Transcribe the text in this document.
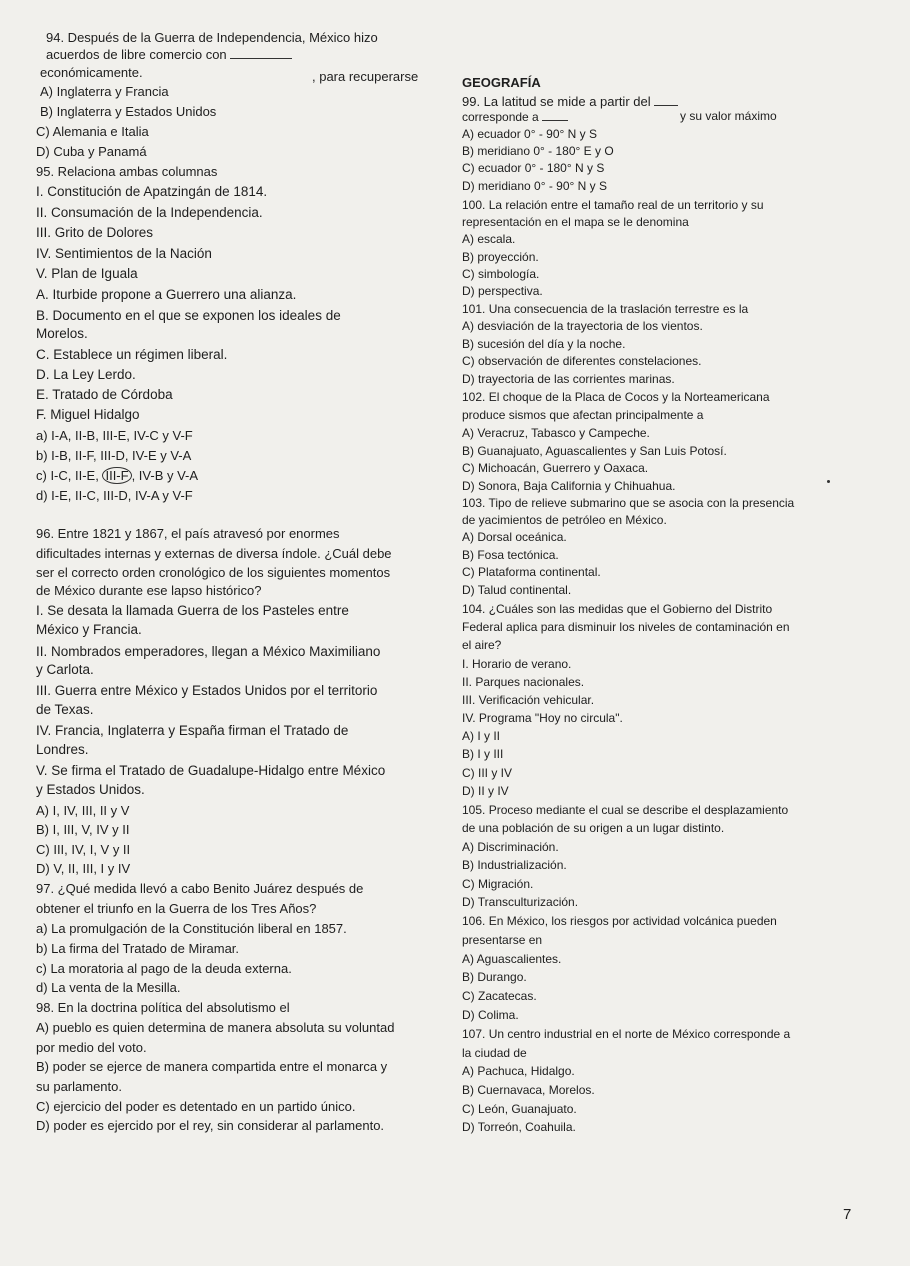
94. Después de la Guerra de Independencia, México hizo
acuerdos de libre comercio con
, para recuperarse
económicamente.
A) Inglaterra y Francia
B) Inglaterra y Estados Unidos
C) Alemania e Italia
D) Cuba y Panamá
95. Relaciona ambas columnas
I. Constitución de Apatzingán de 1814.
II. Consumación de la Independencia.
III. Grito de Dolores
IV. Sentimientos de la Nación
V. Plan de Iguala
A. Iturbide propone a Guerrero una alianza.
B. Documento en el que se exponen los ideales de
Morelos.
C. Establece un régimen liberal.
D. La Ley Lerdo.
E. Tratado de Córdoba
F. Miguel Hidalgo
a) I-A, II-B, III-E, IV-C y V-F
b) I-B, II-F, III-D, IV-E y V-A
c) I-C, II-E, III-F , IV-B y V-A
d) I-E, II-C, III-D, IV-A y V-F
96. Entre 1821 y 1867, el país atravesó por enormes
dificultades internas y externas de diversa índole. ¿Cuál debe
ser el correcto orden cronológico de los siguientes momentos
de México durante ese lapso histórico?
I. Se desata la llamada Guerra de los Pasteles entre
México y Francia.
II. Nombrados emperadores, llegan a México Maximiliano
y Carlota.
III. Guerra entre México y Estados Unidos por el territorio
de Texas.
IV. Francia, Inglaterra y España firman el Tratado de
Londres.
V. Se firma el Tratado de Guadalupe-Hidalgo entre México
y Estados Unidos.
A) I, IV, III, II y V
B) I, III, V, IV y II
C) III, IV, I, V y II
D) V, II, III, I y IV
97. ¿Qué medida llevó a cabo Benito Juárez después de
obtener el triunfo en la Guerra de los Tres Años?
a) La promulgación de la Constitución liberal en 1857.
b) La firma del Tratado de Miramar.
c) La moratoria al pago de la deuda externa.
d) La venta de la Mesilla.
98. En la doctrina política del absolutismo el
A) pueblo es quien determina de manera absoluta su voluntad
por medio del voto.
B) poder se ejerce de manera compartida entre el monarca y
su parlamento.
C) ejercicio del poder es detentado en un partido único.
D) poder es ejercido por el rey, sin considerar al parlamento.
GEOGRAFÍA
99. La latitud se mide a partir del
y su valor máximo
corresponde a
A) ecuador 0° - 90° N y S
B) meridiano 0° - 180° E y O
C) ecuador 0° - 180° N y S
D) meridiano 0° - 90° N y S
100. La relación entre el tamaño real de un territorio y su
representación en el mapa se le denomina
A) escala.
B) proyección.
C) simbología.
D) perspectiva.
101. Una consecuencia de la traslación terrestre es la
A) desviación de la trayectoria de los vientos.
B) sucesión del día y la noche.
C) observación de diferentes constelaciones.
D) trayectoria de las corrientes marinas.
102. El choque de la Placa de Cocos y la Norteamericana
produce sismos que afectan principalmente a
A) Veracruz, Tabasco y Campeche.
B) Guanajuato, Aguascalientes y San Luis Potosí.
C) Michoacán, Guerrero y Oaxaca.
D) Sonora, Baja California y Chihuahua.
103. Tipo de relieve submarino que se asocia con la presencia
de yacimientos de petróleo en México.
A) Dorsal oceánica.
B) Fosa tectónica.
C) Plataforma continental.
D) Talud continental.
104. ¿Cuáles son las medidas que el Gobierno del Distrito
Federal aplica para disminuir los niveles de contaminación en
el aire?
I. Horario de verano.
II. Parques nacionales.
III. Verificación vehicular.
IV. Programa "Hoy no circula".
A) I y II
B) I y III
C) III y IV
D) II y IV
105. Proceso mediante el cual se describe el desplazamiento
de una población de su origen a un lugar distinto.
A) Discriminación.
B) Industrialización.
C) Migración.
D) Transculturización.
106. En México, los riesgos por actividad volcánica pueden
presentarse en
A) Aguascalientes.
B) Durango.
C) Zacatecas.
D) Colima.
107. Un centro industrial en el norte de México corresponde a
la ciudad de
A) Pachuca, Hidalgo.
B) Cuernavaca, Morelos.
C) León, Guanajuato.
D) Torreón, Coahuila.
7
